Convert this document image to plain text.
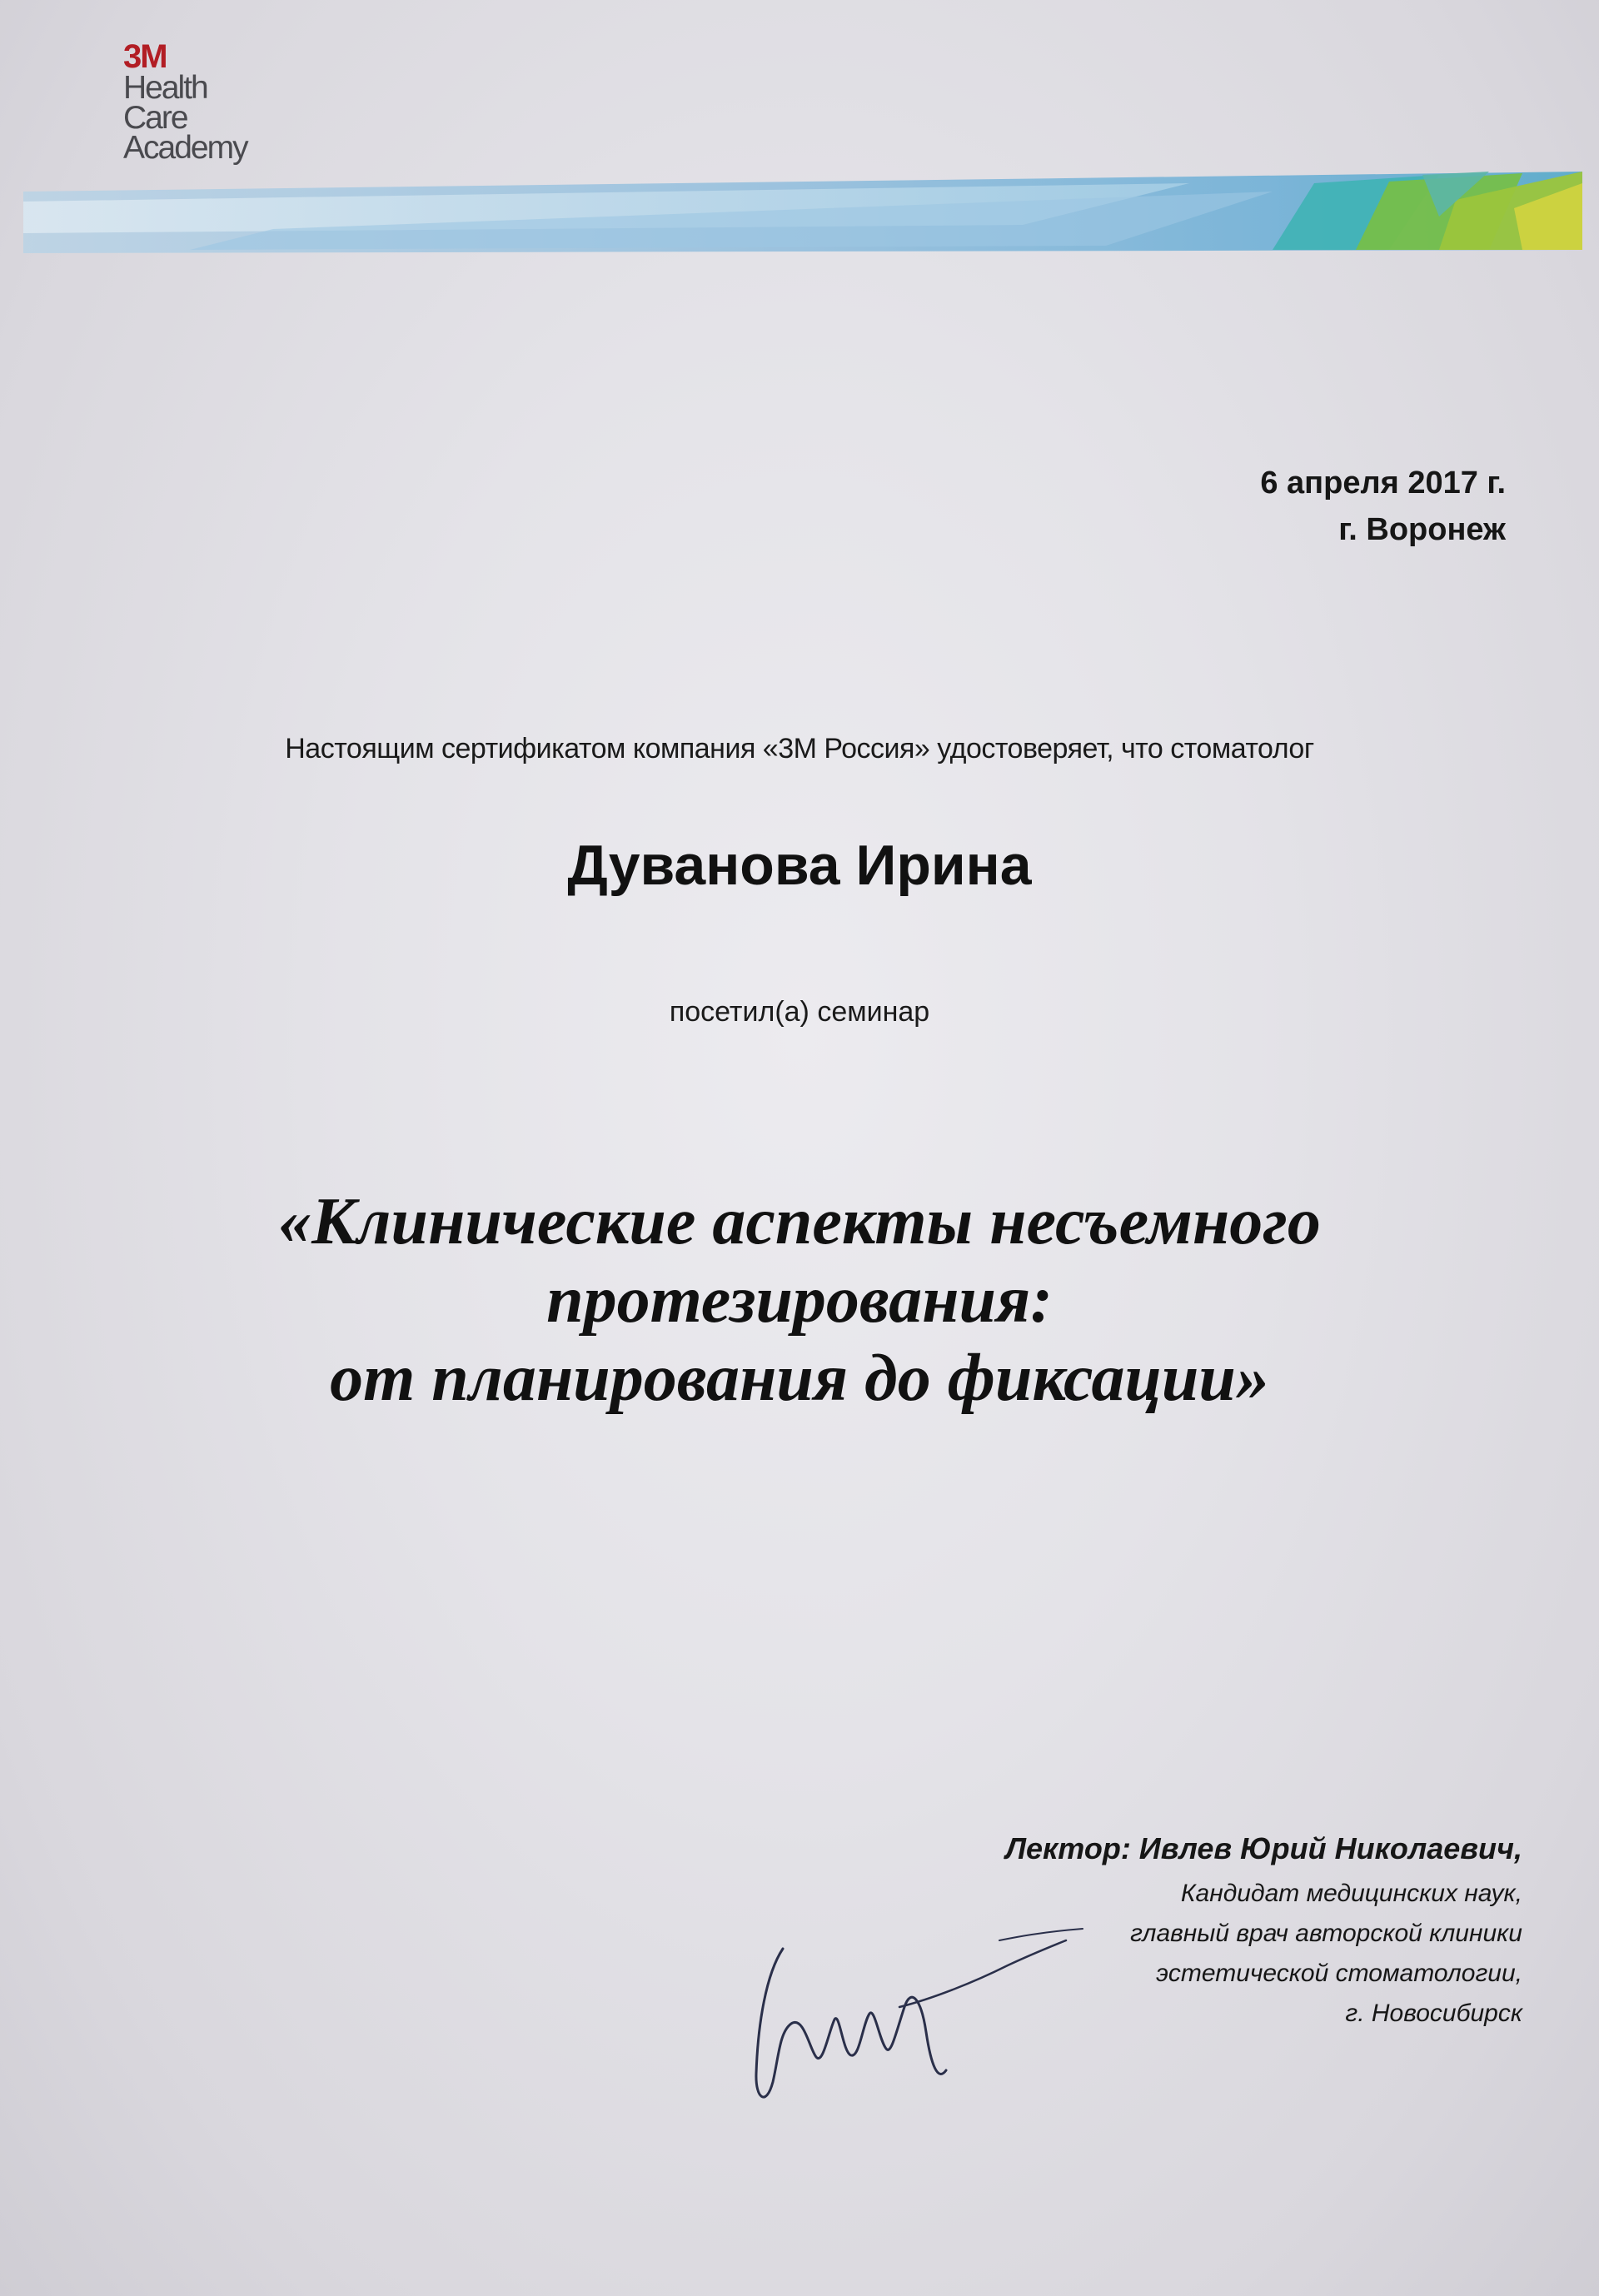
3M
Health
Care
Academy
6 апреля 2017 г.
г. Воронеж
Настоящим сертификатом компания «3М Россия» удостоверяет, что стоматолог
Дуванова Ирина
посетил(а) семинар
«Клинические аспекты несъемного
протезирования:
от планирования до фиксации»
Лектор: Ивлев Юрий Николаевич,
Кандидат медицинских наук,
главный врач авторской клиники
эстетической стоматологии,
г. Новосибирск
